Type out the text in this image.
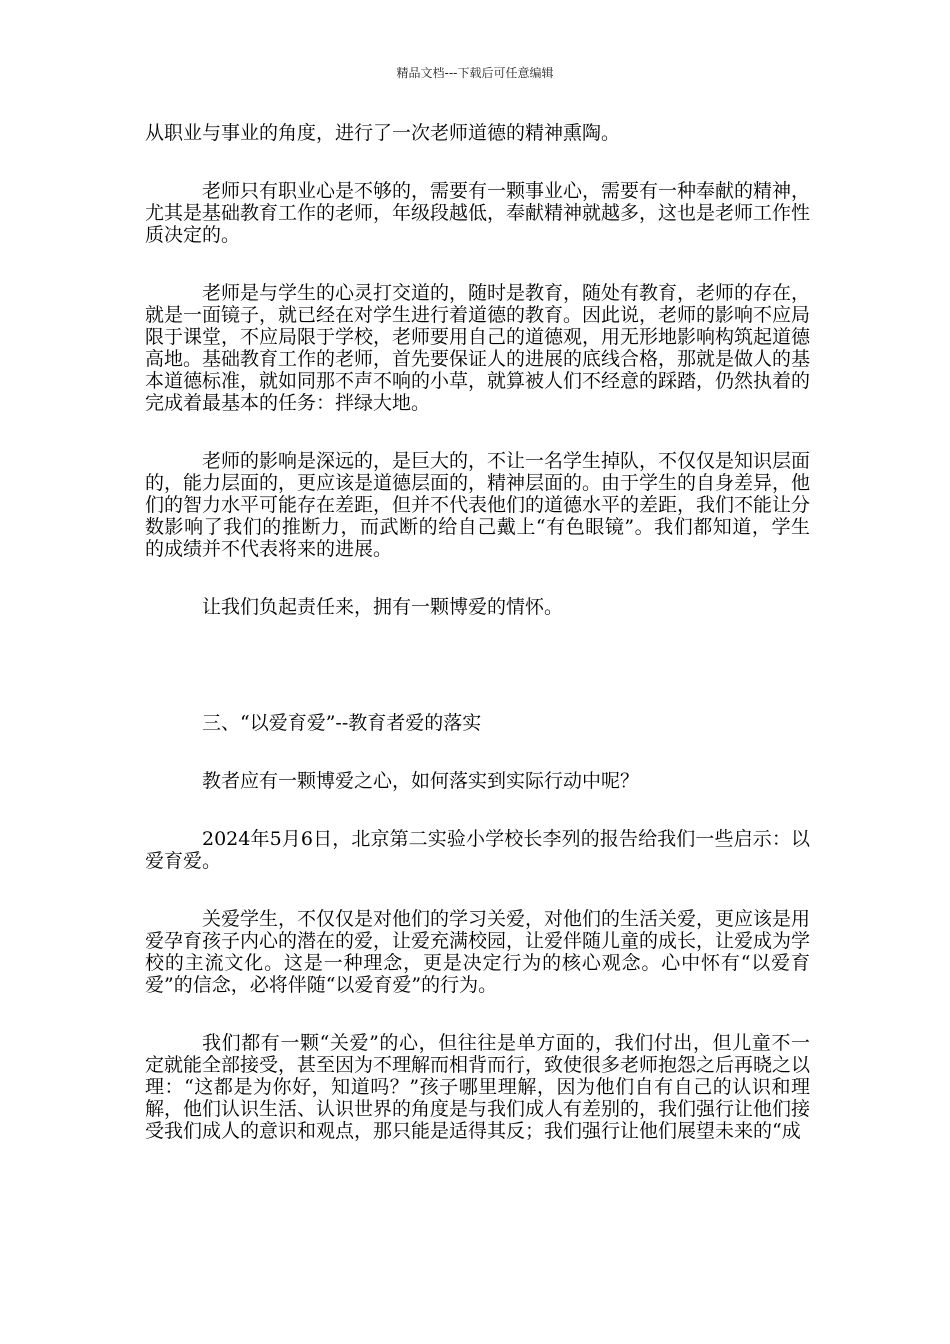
精品文档---下载后可任意编辑

从职业与事业的角度，进行了一次老师道德的精神熏陶。

老师只有职业心是不够的，需要有一颗事业心，需要有一种奉献的精神，尤其是基础教育工作的老师，年级段越低，奉献精神就越多，这也是老师工作性质决定的。

老师是与学生的心灵打交道的，随时是教育，随处有教育，老师的存在，就是一面镜子，就已经在对学生进行着道德的教育。因此说，老师的影响不应局限于课堂，不应局限于学校，老师要用自己的道德观，用无形地影响构筑起道德高地。基础教育工作的老师，首先要保证人的进展的底线合格，那就是做人的基本道德标准，就如同那不声不响的小草，就算被人们不经意的踩踏，仍然执着的完成着最基本的任务：拌绿大地。

老师的影响是深远的，是巨大的，不让一名学生掉队，不仅仅是知识层面的，能力层面的，更应该是道德层面的，精神层面的。由于学生的自身差异，他们的智力水平可能存在差距，但并不代表他们的道德水平的差距，我们不能让分数影响了我们的推断力，而武断的给自己戴上“有色眼镜”。我们都知道，学生的成绩并不代表将来的进展。

让我们负起责任来，拥有一颗博爱的情怀。

三、“以爱育爱”--教育者爱的落实

教者应有一颗博爱之心，如何落实到实际行动中呢？

2024年5月6日，北京第二实验小学校长李列的报告给我们一些启示：以爱育爱。

关爱学生，不仅仅是对他们的学习关爱，对他们的生活关爱，更应该是用爱孕育孩子内心的潜在的爱，让爱充满校园，让爱伴随儿童的成长，让爱成为学校的主流文化。这是一种理念，更是决定行为的核心观念。心中怀有“以爱育爱”的信念，必将伴随“以爱育爱”的行为。

我们都有一颗“关爱”的心，但往往是单方面的，我们付出，但儿童不一定就能全部接受，甚至因为不理解而相背而行，致使很多老师抱怨之后再晓之以理：“这都是为你好，知道吗？”孩子哪里理解，因为他们自有自己的认识和理解，他们认识生活、认识世界的角度是与我们成人有差别的，我们强行让他们接受我们成人的意识和观点，那只能是适得其反；我们强行让他们展望未来的“成
